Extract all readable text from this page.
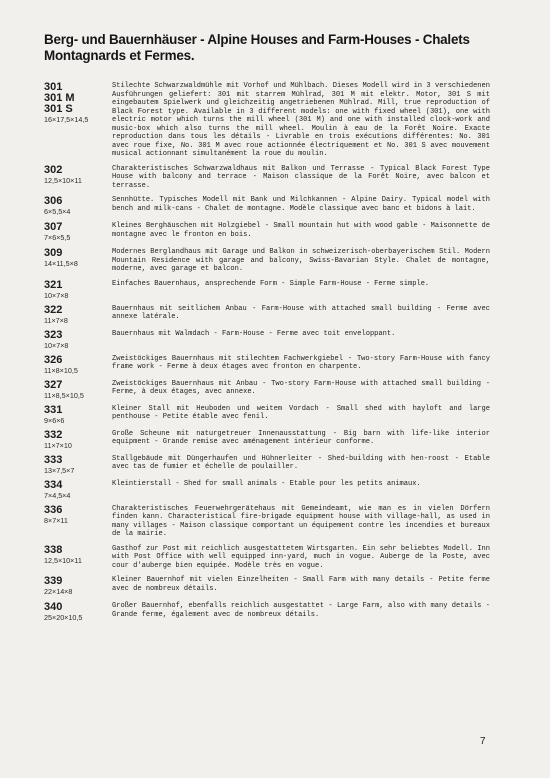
Berg- und Bauernhäuser - Alpine Houses and Farm-Houses - Chalets Montagnards et Fermes.
301
301 M
301 S
16×17,5×14,5

Stilechte Schwarzwaldmühle mit Vorhof und Mühlbach. Dieses Modell wird in 3 verschiedenen Ausführungen geliefert: 301 mit starrem Mühlrad, 301 M mit elektr. Motor, 301 S mit eingebautem Spielwerk und gleichzeitig angetriebenen Mühlrad. Mill, true reproduction of Black Forest type. Available in 3 different models: one with fixed wheel (301), one with electric motor which turns the mill wheel (301 M) and one with installed clock-work and music-box which also turns the mill wheel. Moulin à eau de la Forêt Noire. Exacte reproduction dans tous les détails - Livrable en trois exécutions différentes: No. 301 avec roue fixe, No. 301 M avec roue actionnée électriquement et No. 301 S avec mouvement musical actionnant simultanément la roue du moulin.

302
12,5×10×11

Charakteristisches Schwarzwaldhaus mit Balkon und Terrasse - Typical Black Forest Type House with balcony and terrace - Maison classique de la Forêt Noire, avec balcon et terrasse.

306
6×5,5×4

Sennhütte. Typisches Modell mit Bank und Milchkannen - Alpine Dairy. Typical model with bench and milk-cans - Chalet de montagne. Modèle classique avec banc et bidons à lait.

307
7×6×5,5

Kleines Berghäuschen mit Holzgiebel - Small mountain hut with wood gable - Maisonnette de montagne avec le fronton en bois.

309
14×11,5×8

Modernes Berglandhaus mit Garage und Balkon in schweizerisch-oberbayerischem Stil. Modern Mountain Residence with garage and balcony, Swiss-Bavarian Style. Chalet de montagne, moderne, avec garage et balcon.

321
10×7×8

Einfaches Bauernhaus, ansprechende Form - Simple Farm-House - Ferme simple.

322
11×7×8

Bauernhaus mit seitlichem Anbau - Farm-House with attached small building - Ferme avec annexe latérale.

323
10×7×8

Bauernhaus mit Walmdach - Farm-House - Ferme avec toit enveloppant.

326
11×8×10,5

Zweistöckiges Bauernhaus mit stilechtem Fachwerkgiebel - Two-story Farm-House with fancy frame work - Ferme à deux étages avec fronton en charpente.

327
11×8,5×10,5

Zweistöckiges Bauernhaus mit Anbau - Two-story Farm-House with attached small building - Ferme, à deux étages, avec annexe.

331
9×6×6

Kleiner Stall mit Heuboden und weitem Vordach - Small shed with hayloft and large penthouse - Petite étable avec fenil.

332
11×7×10

Große Scheune mit naturgetreuer Innenausstattung - Big barn with life-like interior equipment - Grande remise avec aménagement intérieur conforme.

333
13×7,5×7

Stallgebäude mit Düngerhaufen und Hühnerleiter - Shed-building with hen-roost - Etable avec tas de fumier et échelle de poulailler.

334
7×4,5×4

Kleintierstall - Shed for small animals - Etable pour les petits animaux.

336
8×7×11

Charakteristisches Feuerwehrgerätehaus mit Gemeindeamt, wie man es in vielen Dörfern finden kann. Characteristical fire-brigade equipment house with village-hall, as used in many villages - Maison classique comportant un équipement contre les incendies et bureaux de la mairie.

338
12,5×10×11

Gasthof zur Post mit reichlich ausgestattetem Wirtsgarten. Ein sehr beliebtes Modell. Inn with Post Office with well equipped inn-yard, much in vogue. Auberge de la Poste, avec cour d'auberge bien equipée. Modèle très en vogue.

339
22×14×8

Kleiner Bauernhof mit vielen Einzelheiten - Small Farm with many details - Petite ferme avec de nombreux détails.

340
25×20×10,5

Großer Bauernhof, ebenfalls reichlich ausgestattet - Large Farm, also with many details - Grande ferme, également avec de nombreux détails.

7
